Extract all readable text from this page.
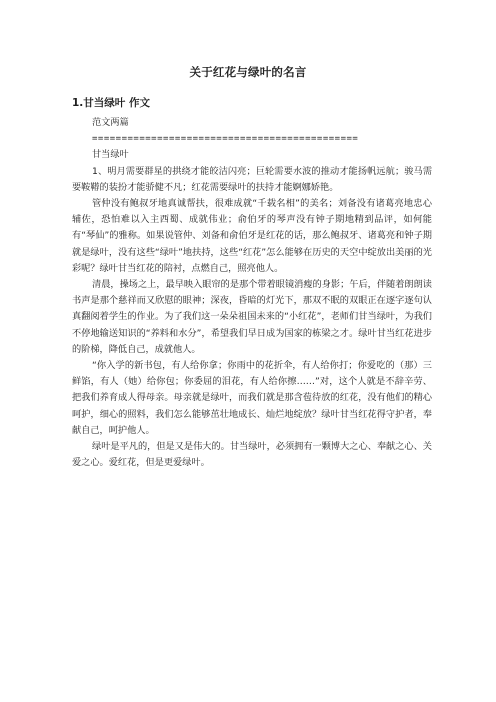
关于红花与绿叶的名言
1.甘当绿叶 作文

范文两篇

=============================================

甘当绿叶

1、明月需要群星的拱绕才能皎洁闪亮；巨轮需要水波的推动才能扬帆远航；骏马需要鞍鞯的装扮才能骄健不凡；红花需要绿叶的扶持才能婀娜娇艳。

管仲没有鲍叔牙地真诚帮扶，很难成就“千载名相”的美名；刘备没有诸葛亮地忠心辅佐，恐怕难以入主西蜀、成就伟业；俞伯牙的琴声没有钟子期地精到品评，如何能有“琴仙”的雅称。如果说管仲、刘备和俞伯牙是红花的话，那么鲍叔牙、诸葛亮和钟子期就是绿叶，没有这些“绿叶”地扶持，这些“红花”怎么能够在历史的天空中绽放出美丽的光彩呢？绿叶甘当红花的陪衬，点燃自己，照亮他人。

清晨，操场之上，最早映入眼帘的是那个带着眼镜消瘦的身影；午后，伴随着朗朗读书声是那个慈祥而又欣慰的眼神；深夜，昏暗的灯光下，那双不眠的双眼正在逐字逐句认真翻阅着学生的作业。为了我们这一朵朵祖国未来的“小红花”，老师们甘当绿叶，为我们不停地输送知识的“养料和水分”，希望我们早日成为国家的栋梁之才。绿叶甘当红花进步的阶梯，降低自己，成就他人。

“你入学的新书包，有人给你拿；你雨中的花折伞，有人给你打；你爱吃的（那）三鲜馅，有人（她）给你包；你委屈的泪花，有人给你擦……”对，这个人就是不辞辛劳、把我们养育成人得母亲。母亲就是绿叶，而我们就是那含苞待放的红花，没有他们的精心呵护，细心的照料，我们怎么能够茁壮地成长、灿烂地绽放？绿叶甘当红花得守护者，奉献自己，呵护他人。

绿叶是平凡的，但是又是伟大的。甘当绿叶，必须拥有一颗博大之心、奉献之心、关爱之心。爱红花，但是更爱绿叶。
